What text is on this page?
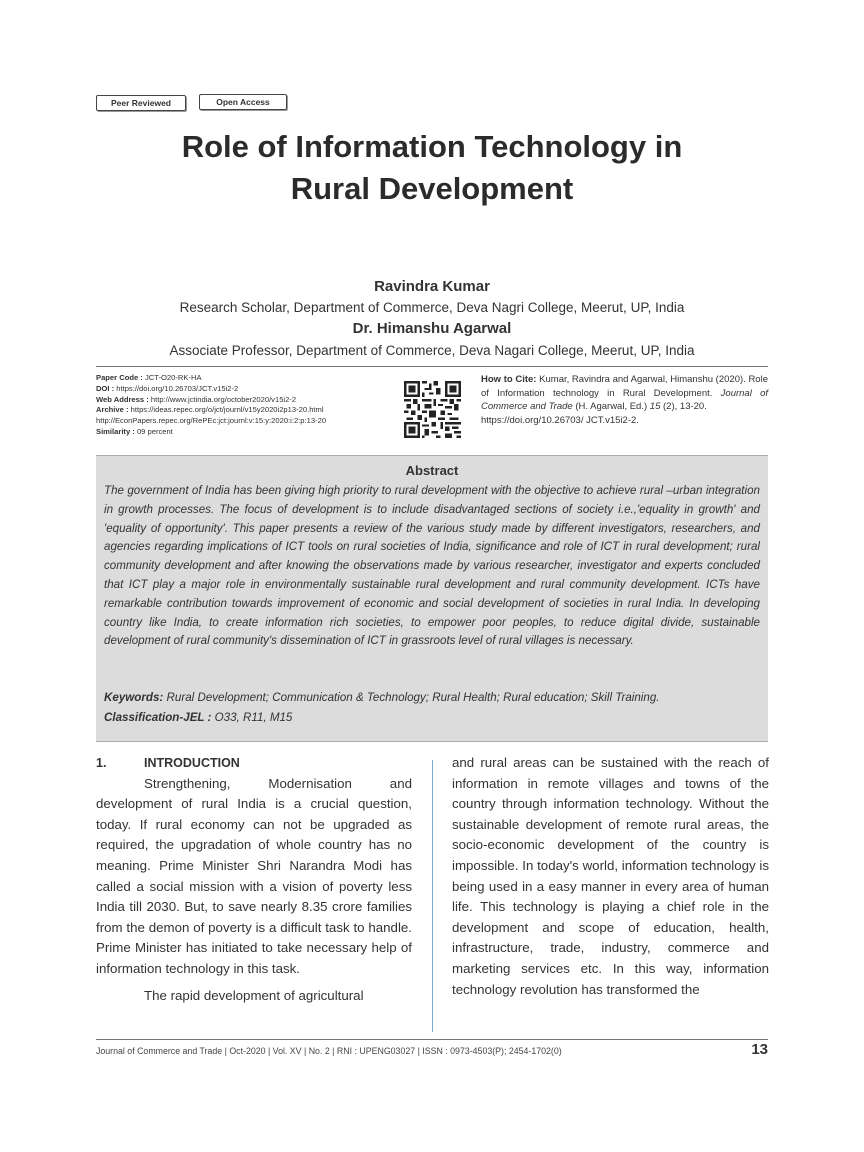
Peer Reviewed	Open Access
Role of Information Technology in
Rural Development
Ravindra Kumar
Research Scholar, Department of Commerce, Deva Nagri College, Meerut, UP, India
Dr. Himanshu Agarwal
Associate Professor, Department of Commerce, Deva Nagari College, Meerut, UP, India
Paper Code : JCT-O20-RK-HA
DOI : https://doi.org/10.26703/JCT.v15i2-2
Web Address : http://www.jctindia.org/october2020/v15i2-2
Archive : https://ideas.repec.org/o/jct/journl/v15y2020i2p13-20.html
http://EconPapers.repec.org/RePEc:jct:journl:v:15:y:2020:i:2:p:13-20
Similarity : 09 percent
How to Cite: Kumar, Ravindra and Agarwal, Himanshu (2020). Role of Information technology in Rural Development. Journal of Commerce and Trade (H. Agarwal, Ed.) 15 (2), 13-20.
https://doi.org/10.26703/ JCT.v15i2-2.
Abstract
The government of India has been giving high priority to rural development with the objective to achieve rural –urban integration in growth processes. The focus of development is to include disadvantaged sections of society i.e.,'equality in growth' and 'equality of opportunity'. This paper presents a review of the various study made by different investigators, researchers, and agencies regarding implications of ICT tools on rural societies of India, significance and role of ICT in rural development; rural community development and after knowing the observations made by various researcher, investigator and experts concluded that ICT play a major role in environmentally sustainable rural development and rural community development. ICTs have remarkable contribution towards improvement of economic and social development of societies in rural India. In developing country like India, to create information rich societies, to empower poor peoples, to reduce digital divide, sustainable development of rural community's dissemination of ICT in grassroots level of rural villages is necessary.
Keywords: Rural Development; Communication & Technology; Rural Health; Rural education; Skill Training.
Classification-JEL : O33, R11, M15
1.	INTRODUCTION

Strengthening, Modernisation and development of rural India is a crucial question, today. If rural economy can not be upgraded as required, the upgradation of whole country has no meaning. Prime Minister Shri Narandra Modi has called a social mission with a vision of poverty less India till 2030. But, to save nearly 8.35 crore families from the demon of poverty is a difficult task to handle. Prime Minister has initiated to take necessary help of information technology in this task.

The rapid development of agricultural

and rural areas can be sustained with the reach of information in remote villages and towns of the country through information technology. Without the sustainable development of remote rural areas, the socio-economic development of the country is impossible. In today's world, information technology is being used in a easy manner in every area of human life. This technology is playing a chief role in the development and scope of education, health, infrastructure, trade, industry, commerce and marketing services etc. In this way, information technology revolution has transformed the

Journal of Commerce and Trade | Oct-2020 | Vol. XV | No. 2 | RNI : UPENG03027 | ISSN : 0973-4503(P); 2454-1702(0)	13
